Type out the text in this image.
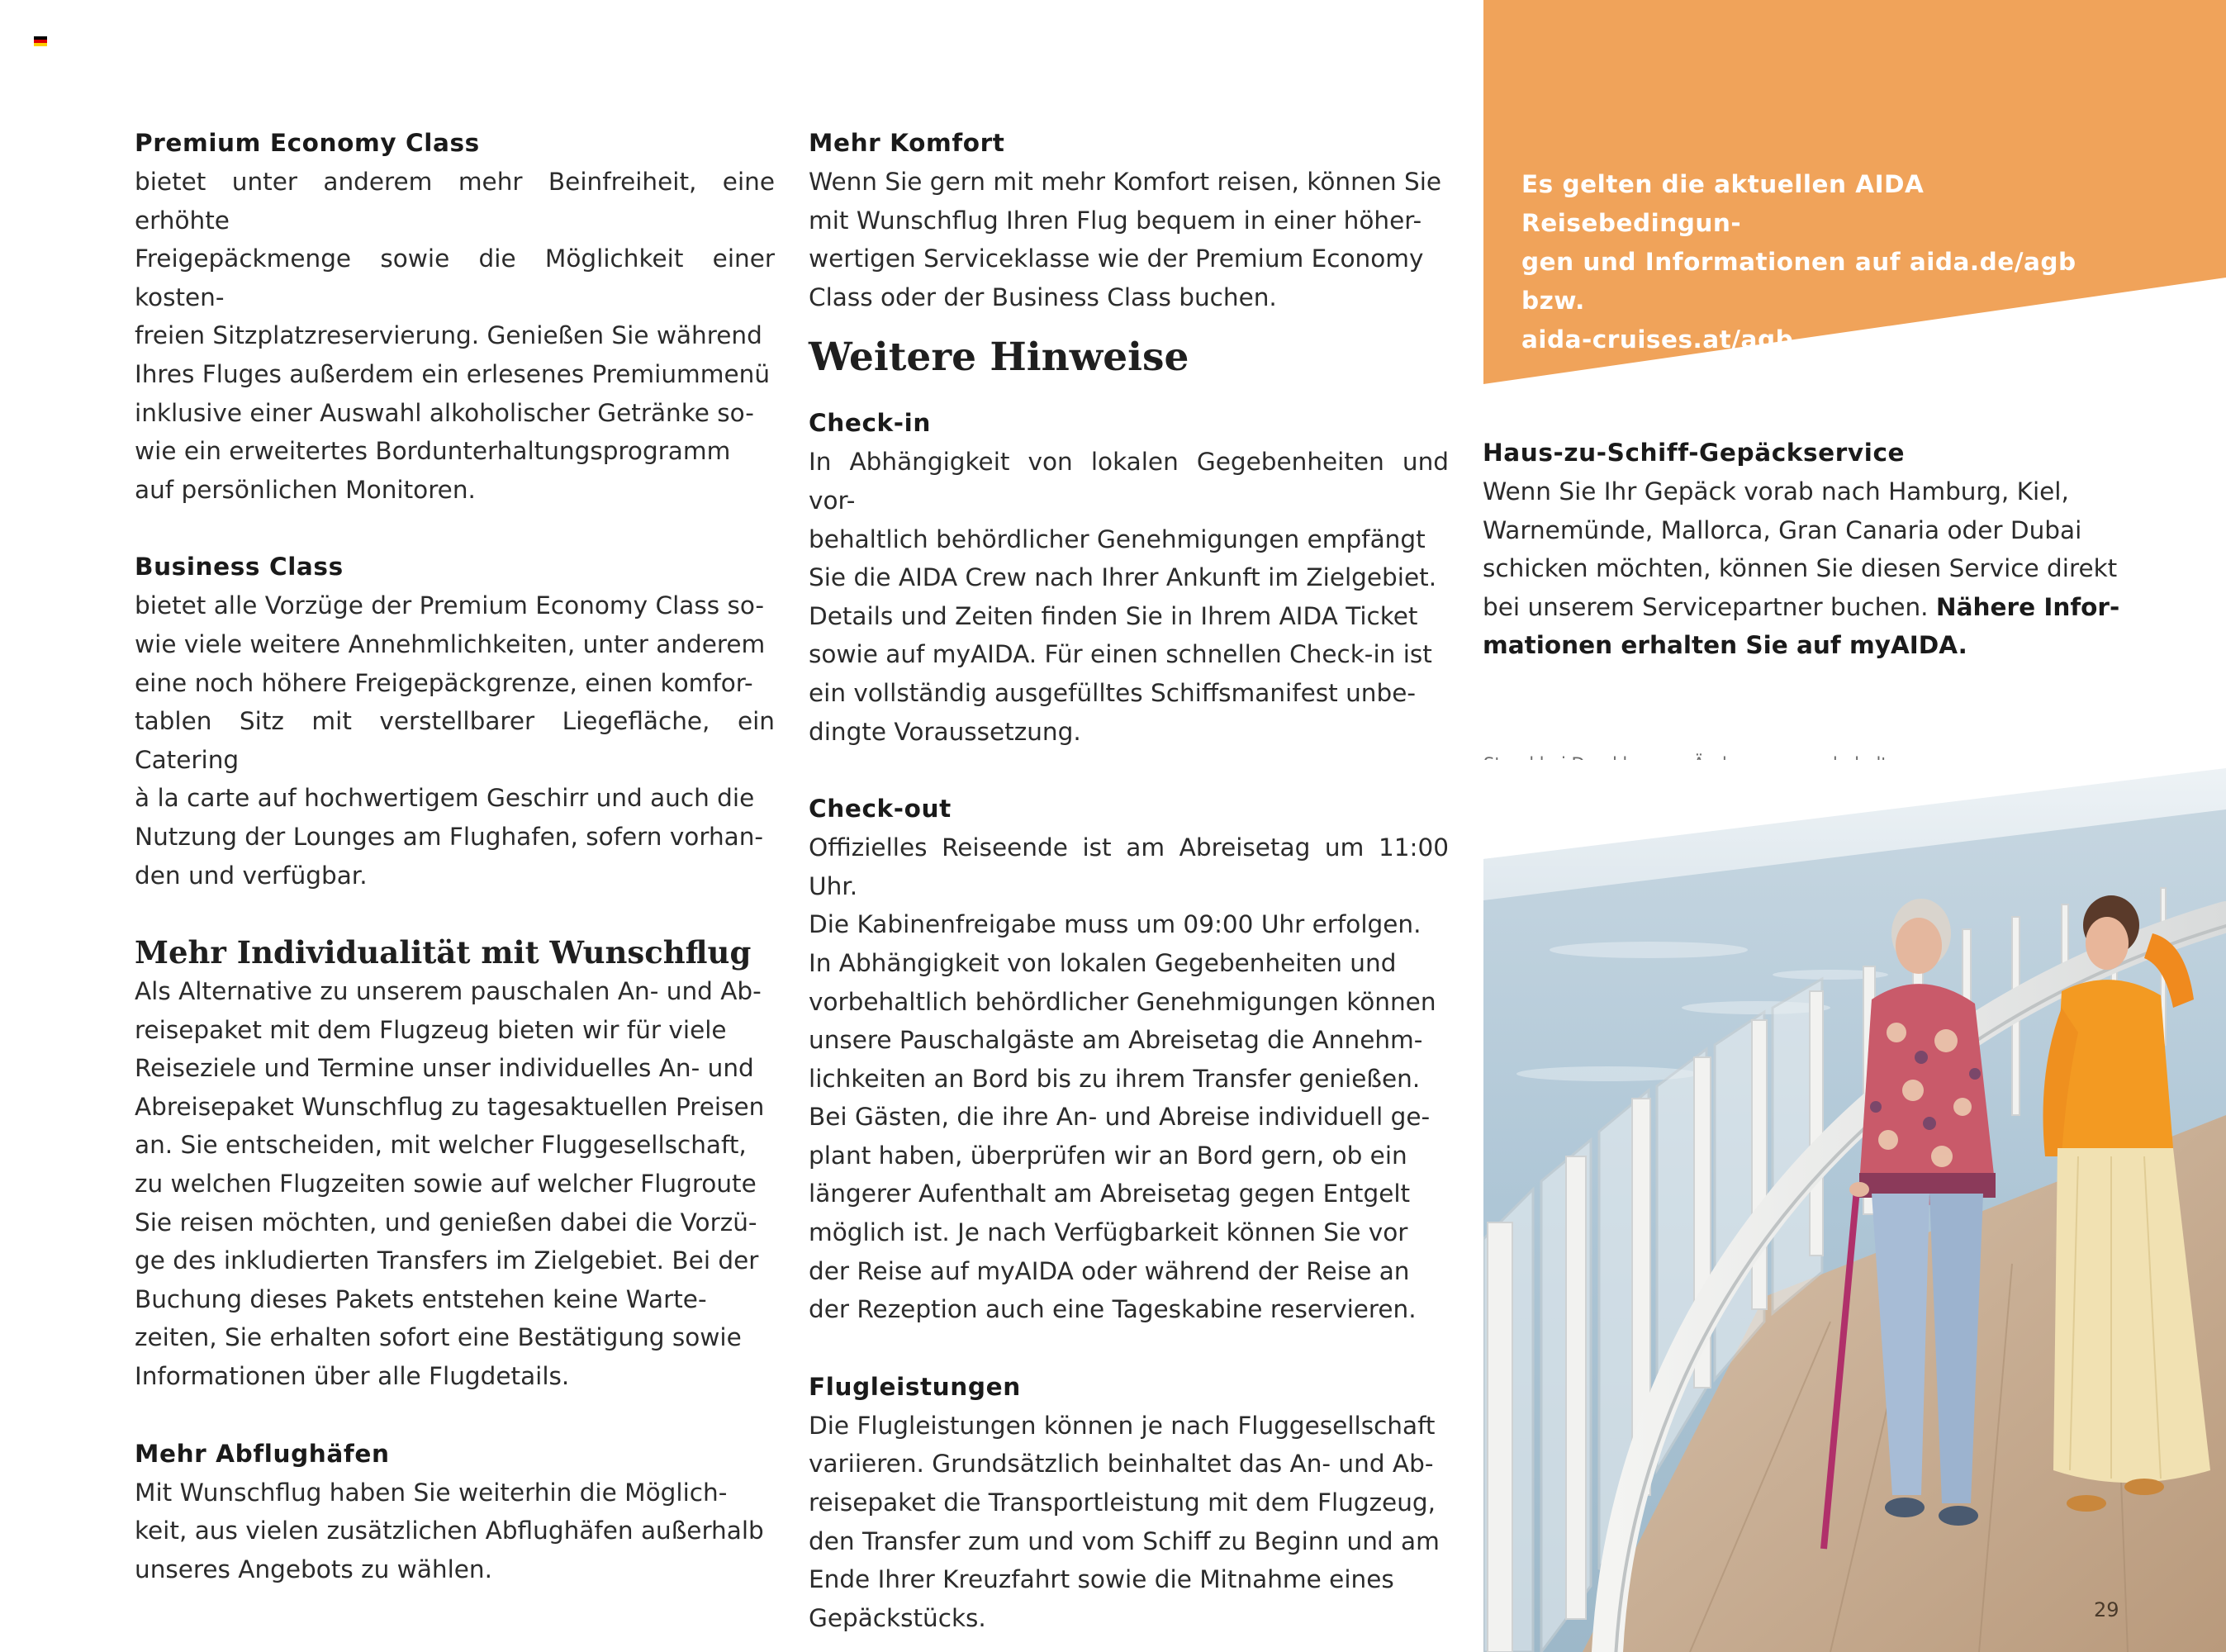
Premium Economy Class
bietet unter anderem mehr Beinfreiheit, eine erhöhte
Freigepäckmenge sowie die Möglichkeit einer kosten-
freien Sitzplatzreservierung. Genießen Sie während
Ihres Fluges außerdem ein erlesenes Premiummenü
inklusive einer Auswahl alkoholischer Getränke so-
wie ein erweitertes Bordunterhaltungsprogramm
auf persönlichen Monitoren.
Business Class
bietet alle Vorzüge der Premium Economy Class so-
wie viele weitere Annehmlichkeiten, unter anderem
eine noch höhere Freigepäckgrenze, einen komfor-
tablen Sitz mit verstellbarer Liegefläche, ein Catering
à la carte auf hochwertigem Geschirr und auch die
Nutzung der Lounges am Flughafen, sofern vorhan-
den und verfügbar.
Mehr Individualität mit Wunschflug
Als Alternative zu unserem pauschalen An- und Ab-
reisepaket mit dem Flugzeug bieten wir für viele
Reiseziele und Termine unser individuelles An- und
Abreisepaket Wunschflug zu tagesaktuellen Preisen
an. Sie entscheiden, mit welcher Fluggesellschaft,
zu welchen Flugzeiten sowie auf welcher Flugroute
Sie reisen möchten, und genießen dabei die Vorzü-
ge des inkludierten Transfers im Zielgebiet. Bei der
Buchung dieses Pakets entstehen keine Warte-
zeiten, Sie erhalten sofort eine Bestätigung sowie
Informationen über alle Flugdetails.
Mehr Abflughäfen
Mit Wunschflug haben Sie weiterhin die Möglich-
keit, aus vielen zusätzlichen Abflughäfen außerhalb
unseres Angebots zu wählen.
Mehr Komfort
Wenn Sie gern mit mehr Komfort reisen, können Sie
mit Wunschflug Ihren Flug bequem in einer höher-
wertigen Serviceklasse wie der Premium Economy
Class oder der Business Class buchen.
Weitere Hinweise
Check-in
In Abhängigkeit von lokalen Gegebenheiten und vor-
behaltlich behördlicher Genehmigungen empfängt
Sie die AIDA Crew nach Ihrer Ankunft im Zielgebiet.
Details und Zeiten finden Sie in Ihrem AIDA Ticket
sowie auf myAIDA. Für einen schnellen Check-in ist
ein vollständig ausgefülltes Schiffsmanifest unbe-
dingte Voraussetzung.
Check-out
Offizielles Reiseende ist am Abreisetag um 11:00 Uhr.
Die Kabinenfreigabe muss um 09:00 Uhr erfolgen.
In Abhängigkeit von lokalen Gegebenheiten und
vorbehaltlich behördlicher Genehmigungen können
unsere Pauschalgäste am Abreisetag die Annehm-
lichkeiten an Bord bis zu ihrem Transfer genießen.
Bei Gästen, die ihre An- und Abreise individuell ge-
plant haben, überprüfen wir an Bord gern, ob ein
längerer Aufenthalt am Abreisetag gegen Entgelt
möglich ist. Je nach Verfügbarkeit können Sie vor
der Reise auf myAIDA oder während der Reise an
der Rezeption auch eine Tageskabine reservieren.
Flugleistungen
Die Flugleistungen können je nach Fluggesellschaft
variieren. Grundsätzlich beinhaltet das An- und Ab-
reisepaket die Transportleistung mit dem Flugzeug,
den Transfer zum und vom Schiff zu Beginn und am
Ende Ihrer Kreuzfahrt sowie die Mitnahme eines
Gepäckstücks.
Es gelten die aktuellen AIDA Reisebedingun-
gen und Informationen auf aida.de/agb bzw.
aida-cruises.at/agb
Haus-zu-Schiff-Gepäckservice
Wenn Sie Ihr Gepäck vorab nach Hamburg, Kiel,
Warnemünde, Mallorca, Gran Canaria oder Dubai
schicken möchten, können Sie diesen Service direkt
bei unserem Servicepartner buchen. Nähere Infor-
mationen erhalten Sie auf myAIDA.
29
